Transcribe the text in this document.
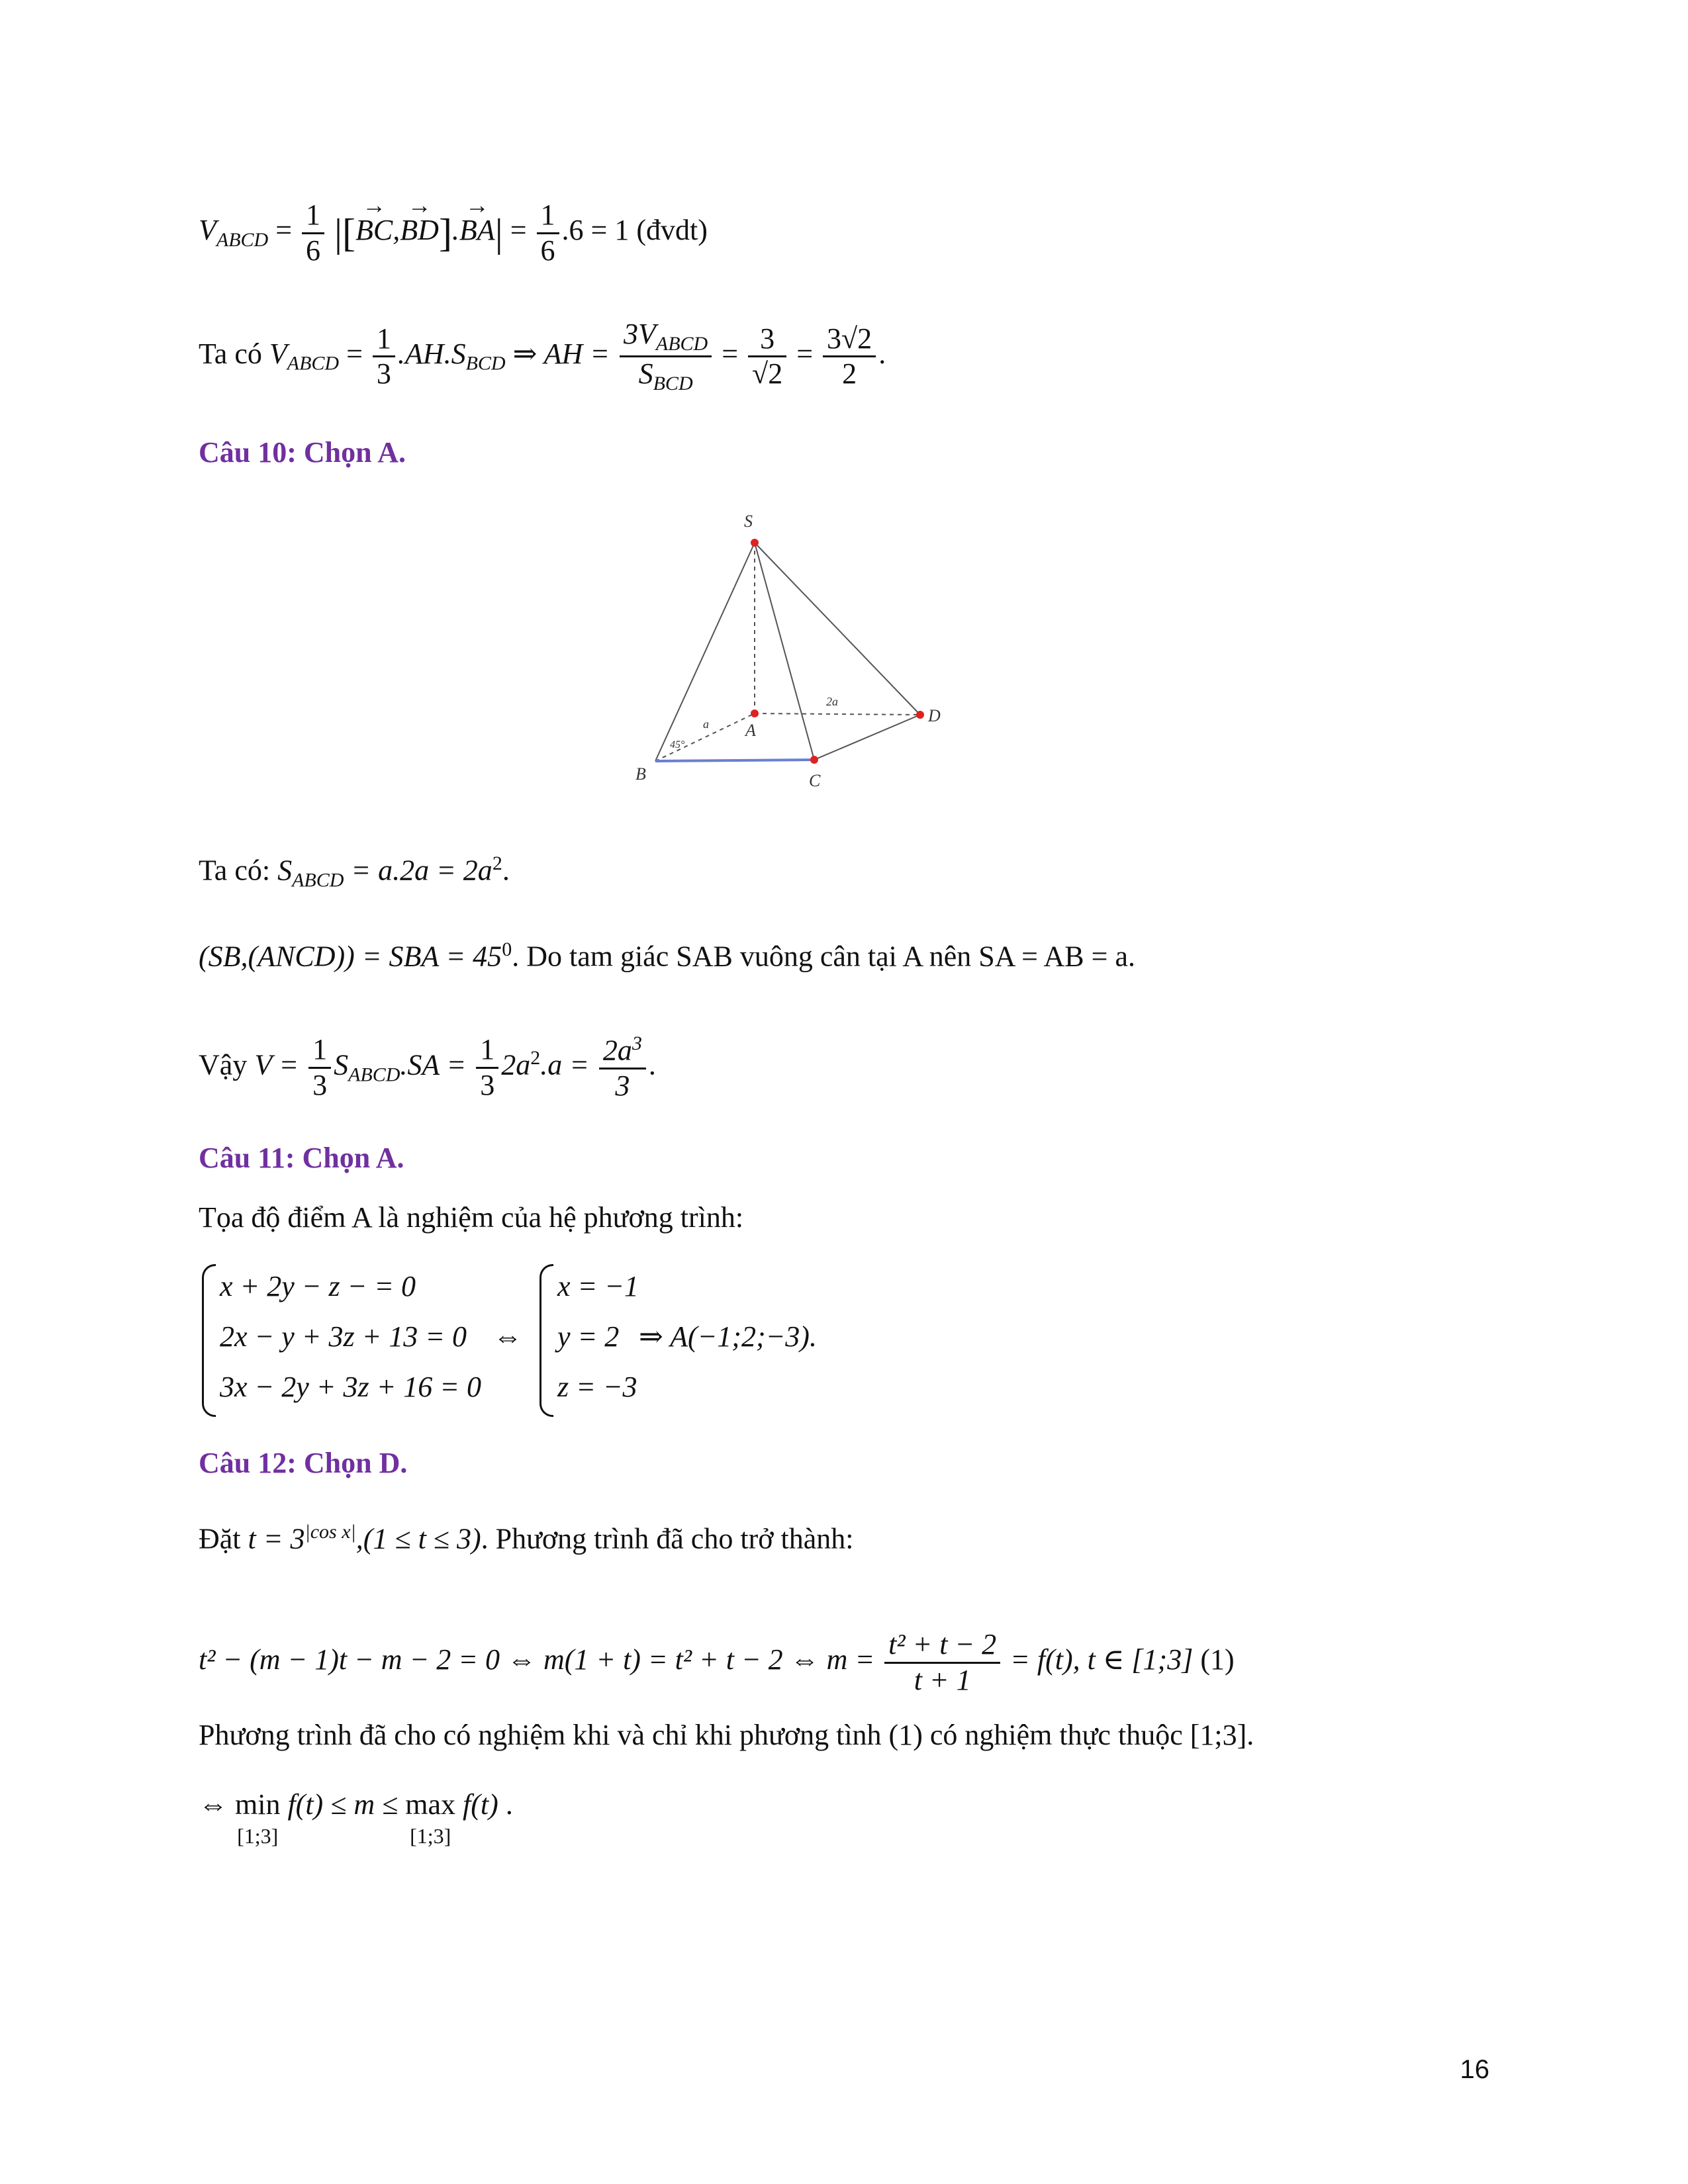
$V_{ABCD} = \frac{1}{6}$ |[→ $BC,\to BD].\to BA| = \frac{1}{6} .6 = 1$ (đvdt)
Ta có $V_{ABCD} = \frac{1}{3} .AH.S_{BCD}$ ⇒ AH = $\frac{3V_{ABCD}}{S_{BCD}} = \frac{3}{√2} = \frac{3√2}{2}$ .
Câu 10: Chọn A.
S
A
B	C
D
2a
a
45°
Ta có: $S_{ABCD} = a.2a = 2a^2$.
(SB,(ANCD)) = SBA = $45^0$. Do tam giác SAB vuông cân tại A nên SA = AB = a.
Vậy $V = \frac{1}{3} S_{ABCD}.SA = \frac{1}{3} 2a^2.a = \frac{2a^3}{3}$ .
Câu 11: Chọn A.
Tọa độ điểm A là nghiệm của hệ phương trình:
x + 2y − z − = 0
2x − y + 3z + 13 = 0
3x − 2y + 3z + 16 = 0
⇔
x = −1
y = 2
z = −3
⇒ A(−1;2;−3).
Câu 12: Chọn D.
Đặt $t = 3^{|cos x|},(1 \le t \le 3)$. Phương trình đã cho trở thành:
t² − (m − 1)t − m − 2 = 0 ⇔ m(1 + t) = t² + t − 2 ⇔ $m = \frac{\text{t² + t − 2}}{t + 1} = f(t)$, t ∈ [1;3] (1)
Phương trình đã cho có nghiệm khi và chỉ khi phương tình (1) có nghiệm thực thuộc [1;3].
⇔ min
[1;3] f(t) ≤ m ≤ max
[1;3] f(t) .
16
